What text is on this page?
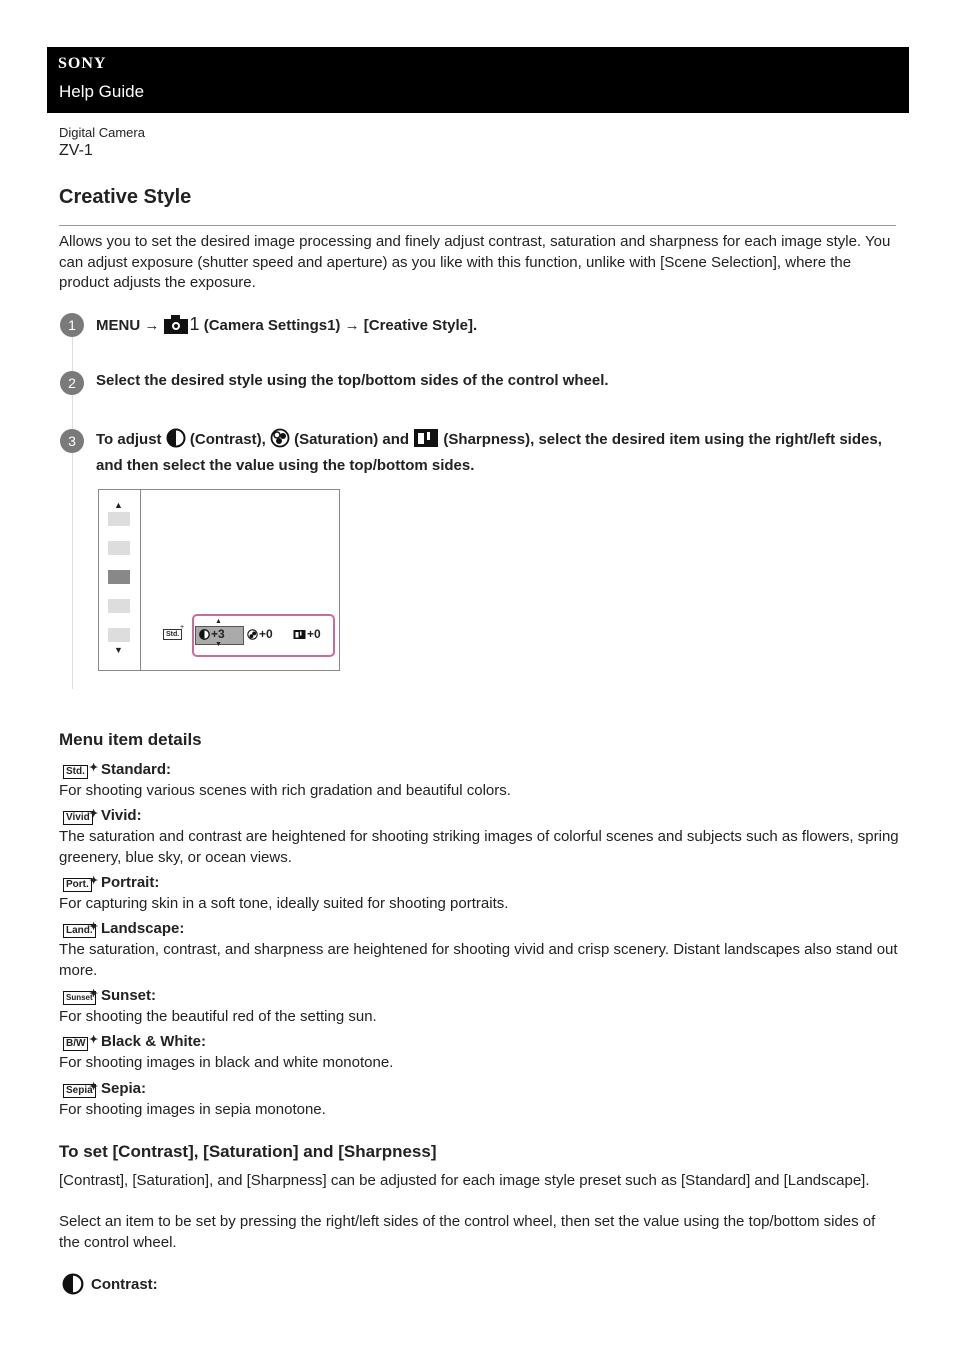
SONY
Help Guide
Digital Camera
ZV-1
Creative Style
Allows you to set the desired image processing and finely adjust contrast, saturation and sharpness for each image style. You can adjust exposure (shutter speed and aperture) as you like with this function, unlike with [Scene Selection], where the product adjusts the exposure.
1	MENU → 1 (Camera Settings1) → [Creative Style].
2	Select the desired style using the top/bottom sides of the control wheel.
3	To adjust (Contrast), (Saturation) and (Sharpness), select the desired item using the right/left sides, and then select the value using the top/bottom sides.
▲
▼
Std.
+
▲
▼
+3	+0	+0
Menu item details
Std. ✦ Standard:
For shooting various scenes with rich gradation and beautiful colors.
Vivid ✦ Vivid:
The saturation and contrast are heightened for shooting striking images of colorful scenes and subjects such as flowers, spring greenery, blue sky, or ocean views.
Port. ✦ Portrait:
For capturing skin in a soft tone, ideally suited for shooting portraits.
Land.
✦ Landscape:
The saturation, contrast, and sharpness are heightened for shooting vivid and crisp scenery. Distant landscapes also stand out more.
Sunset
✦ Sunset:
For shooting the beautiful red of the setting sun.
B/W ✦ Black & White:
For shooting images in black and white monotone.
Sepia
✦ Sepia:
For shooting images in sepia monotone.
To set [Contrast], [Saturation] and [Sharpness]
[Contrast], [Saturation], and [Sharpness] can be adjusted for each image style preset such as [Standard] and [Landscape].
Select an item to be set by pressing the right/left sides of the control wheel, then set the value using the top/bottom sides of the control wheel.
Contrast:
